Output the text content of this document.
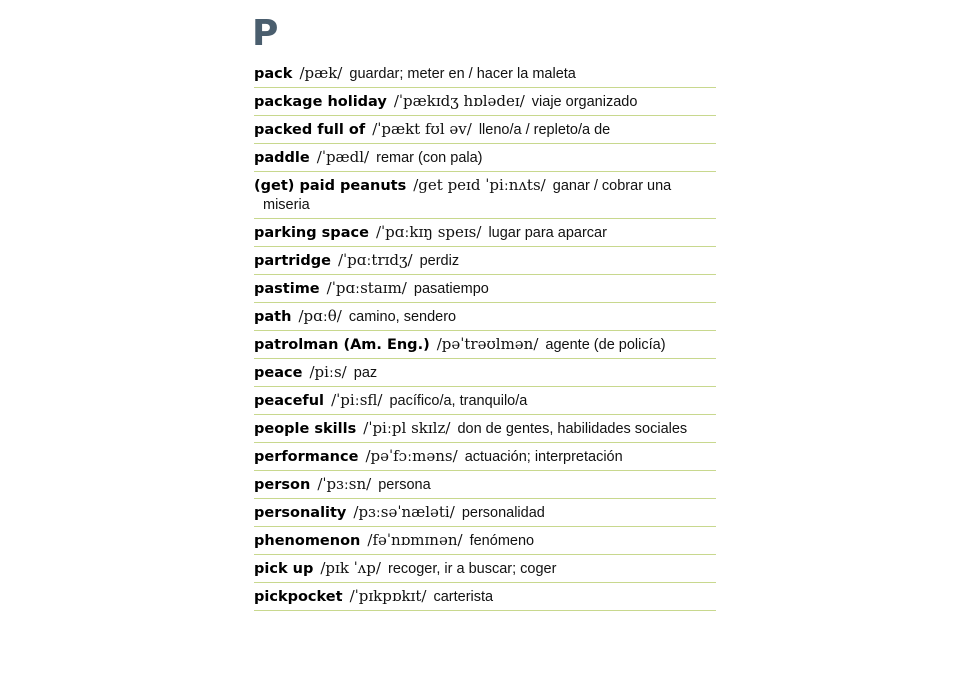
P
pack /pæk/ guardar; meter en / hacer la maleta
package holiday /ˈpækɪdʒ hɒlədeɪ/ viaje organizado
packed full of /ˈpækt fʊl əv/ lleno/a / repleto/a de
paddle /ˈpædl/ remar (con pala)
(get) paid peanuts /get peɪd ˈpiːnʌts/ ganar / cobrar una miseria
parking space /ˈpɑːkɪŋ speɪs/ lugar para aparcar
partridge /ˈpɑːtrɪdʒ/ perdiz
pastime /ˈpɑːstaɪm/ pasatiempo
path /pɑːθ/ camino, sendero
patrolman (Am. Eng.) /pəˈtrəʊlmən/ agente (de policía)
peace /piːs/ paz
peaceful /ˈpiːsfl/ pacífico/a, tranquilo/a
people skills /ˈpiːpl skɪlz/ don de gentes, habilidades sociales
performance /pəˈfɔːməns/ actuación; interpretación
person /ˈpɜːsn/ persona
personality /pɜːsəˈnæləti/ personalidad
phenomenon /fəˈnɒmɪnən/ fenómeno
pick up /pɪk ˈʌp/ recoger, ir a buscar; coger
pickpocket /ˈpɪkpɒkɪt/ carterista
